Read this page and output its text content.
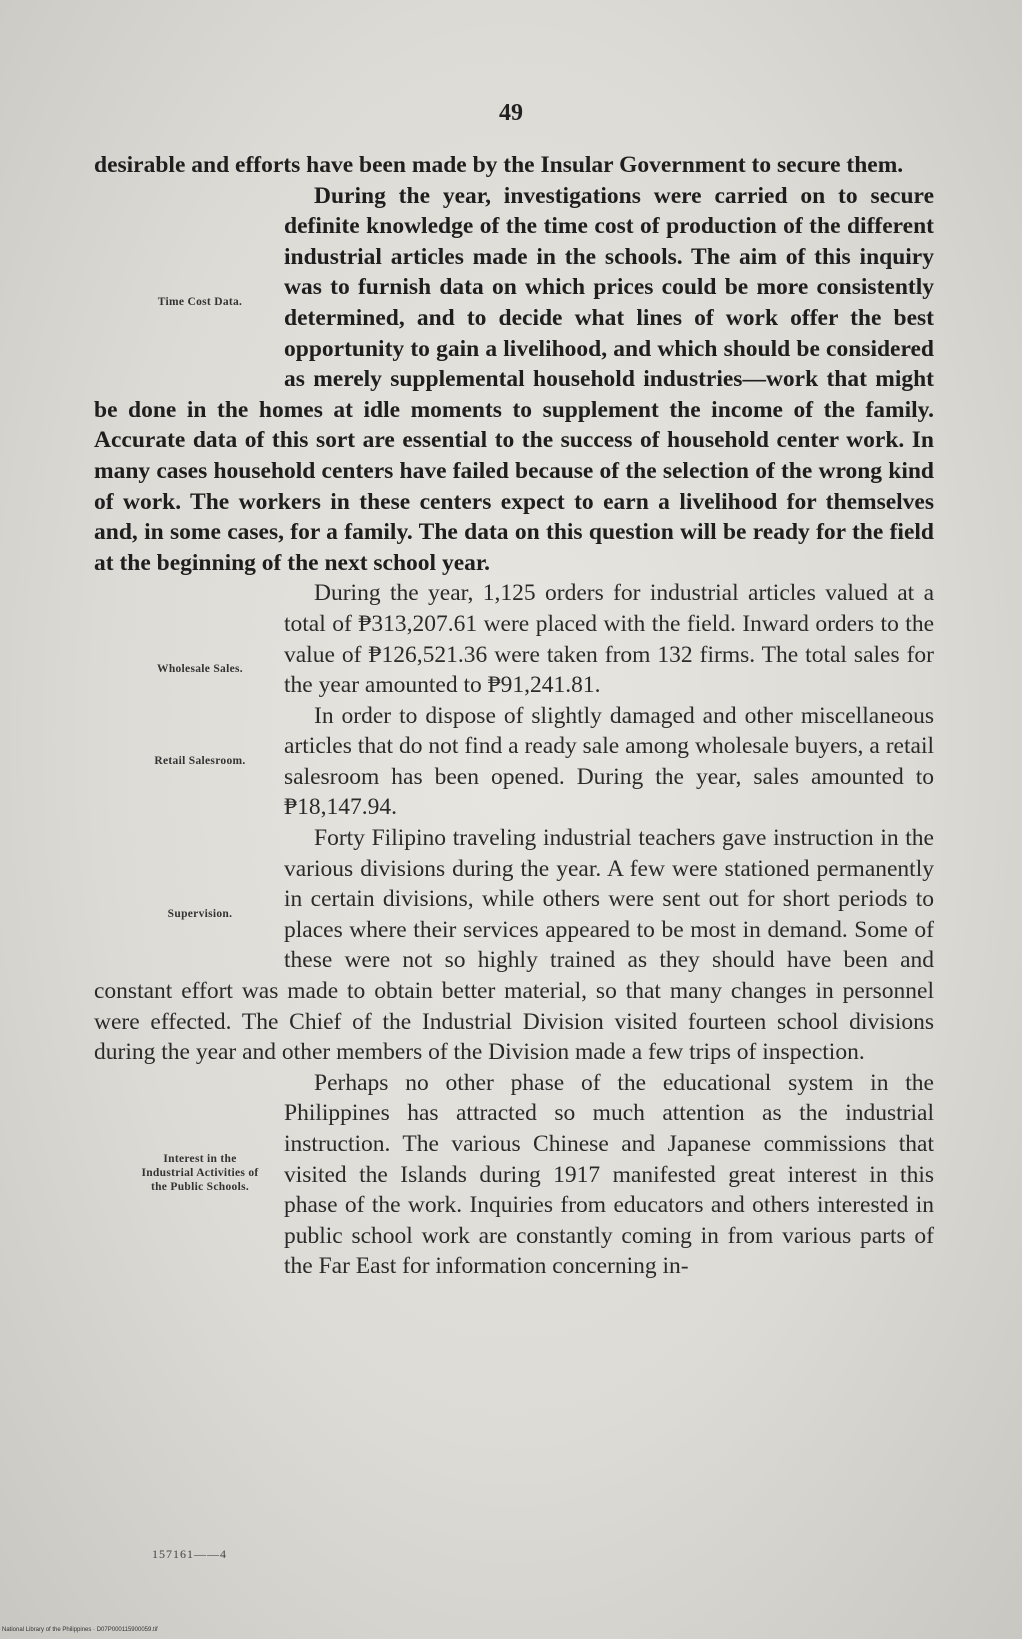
49

desirable and efforts have been made by the Insular Government to secure them.

Time Cost Data.
During the year, investigations were carried on to secure definite knowledge of the time cost of production of the different industrial articles made in the schools. The aim of this inquiry was to furnish data on which prices could be more consistently determined, and to decide what lines of work offer the best opportunity to gain a livelihood, and which should be considered as merely supplemental household industries—work that might be done in the homes at idle moments to supplement the income of the family. Accurate data of this sort are essential to the success of household center work. In many cases household centers have failed because of the selection of the wrong kind of work. The workers in these centers expect to earn a livelihood for themselves and, in some cases, for a family. The data on this question will be ready for the field at the beginning of the next school year.

Wholesale Sales.
During the year, 1,125 orders for industrial articles valued at a total of ₱313,207.61 were placed with the field. Inward orders to the value of ₱126,521.36 were taken from 132 firms. The total sales for the year amounted to ₱91,241.81.

Retail Salesroom.
In order to dispose of slightly damaged and other miscellaneous articles that do not find a ready sale among wholesale buyers, a retail salesroom has been opened. During the year, sales amounted to ₱18,147.94.

Supervision.
Forty Filipino traveling industrial teachers gave instruction in the various divisions during the year. A few were stationed permanently in certain divisions, while others were sent out for short periods to places where their services appeared to be most in demand. Some of these were not so highly trained as they should have been and constant effort was made to obtain better material, so that many changes in personnel were effected. The Chief of the Industrial Division visited fourteen school divisions during the year and other members of the Division made a few trips of inspection.

Interest in the Industrial Activities of the Public Schools.
Perhaps no other phase of the educational system in the Philippines has attracted so much attention as the industrial instruction. The various Chinese and Japanese commissions that visited the Islands during 1917 manifested great interest in this phase of the work. Inquiries from educators and others interested in public school work are constantly coming in from various parts of the Far East for information concerning in-

157161——4
National Library of the Philippines · D07P000115900059.tif
